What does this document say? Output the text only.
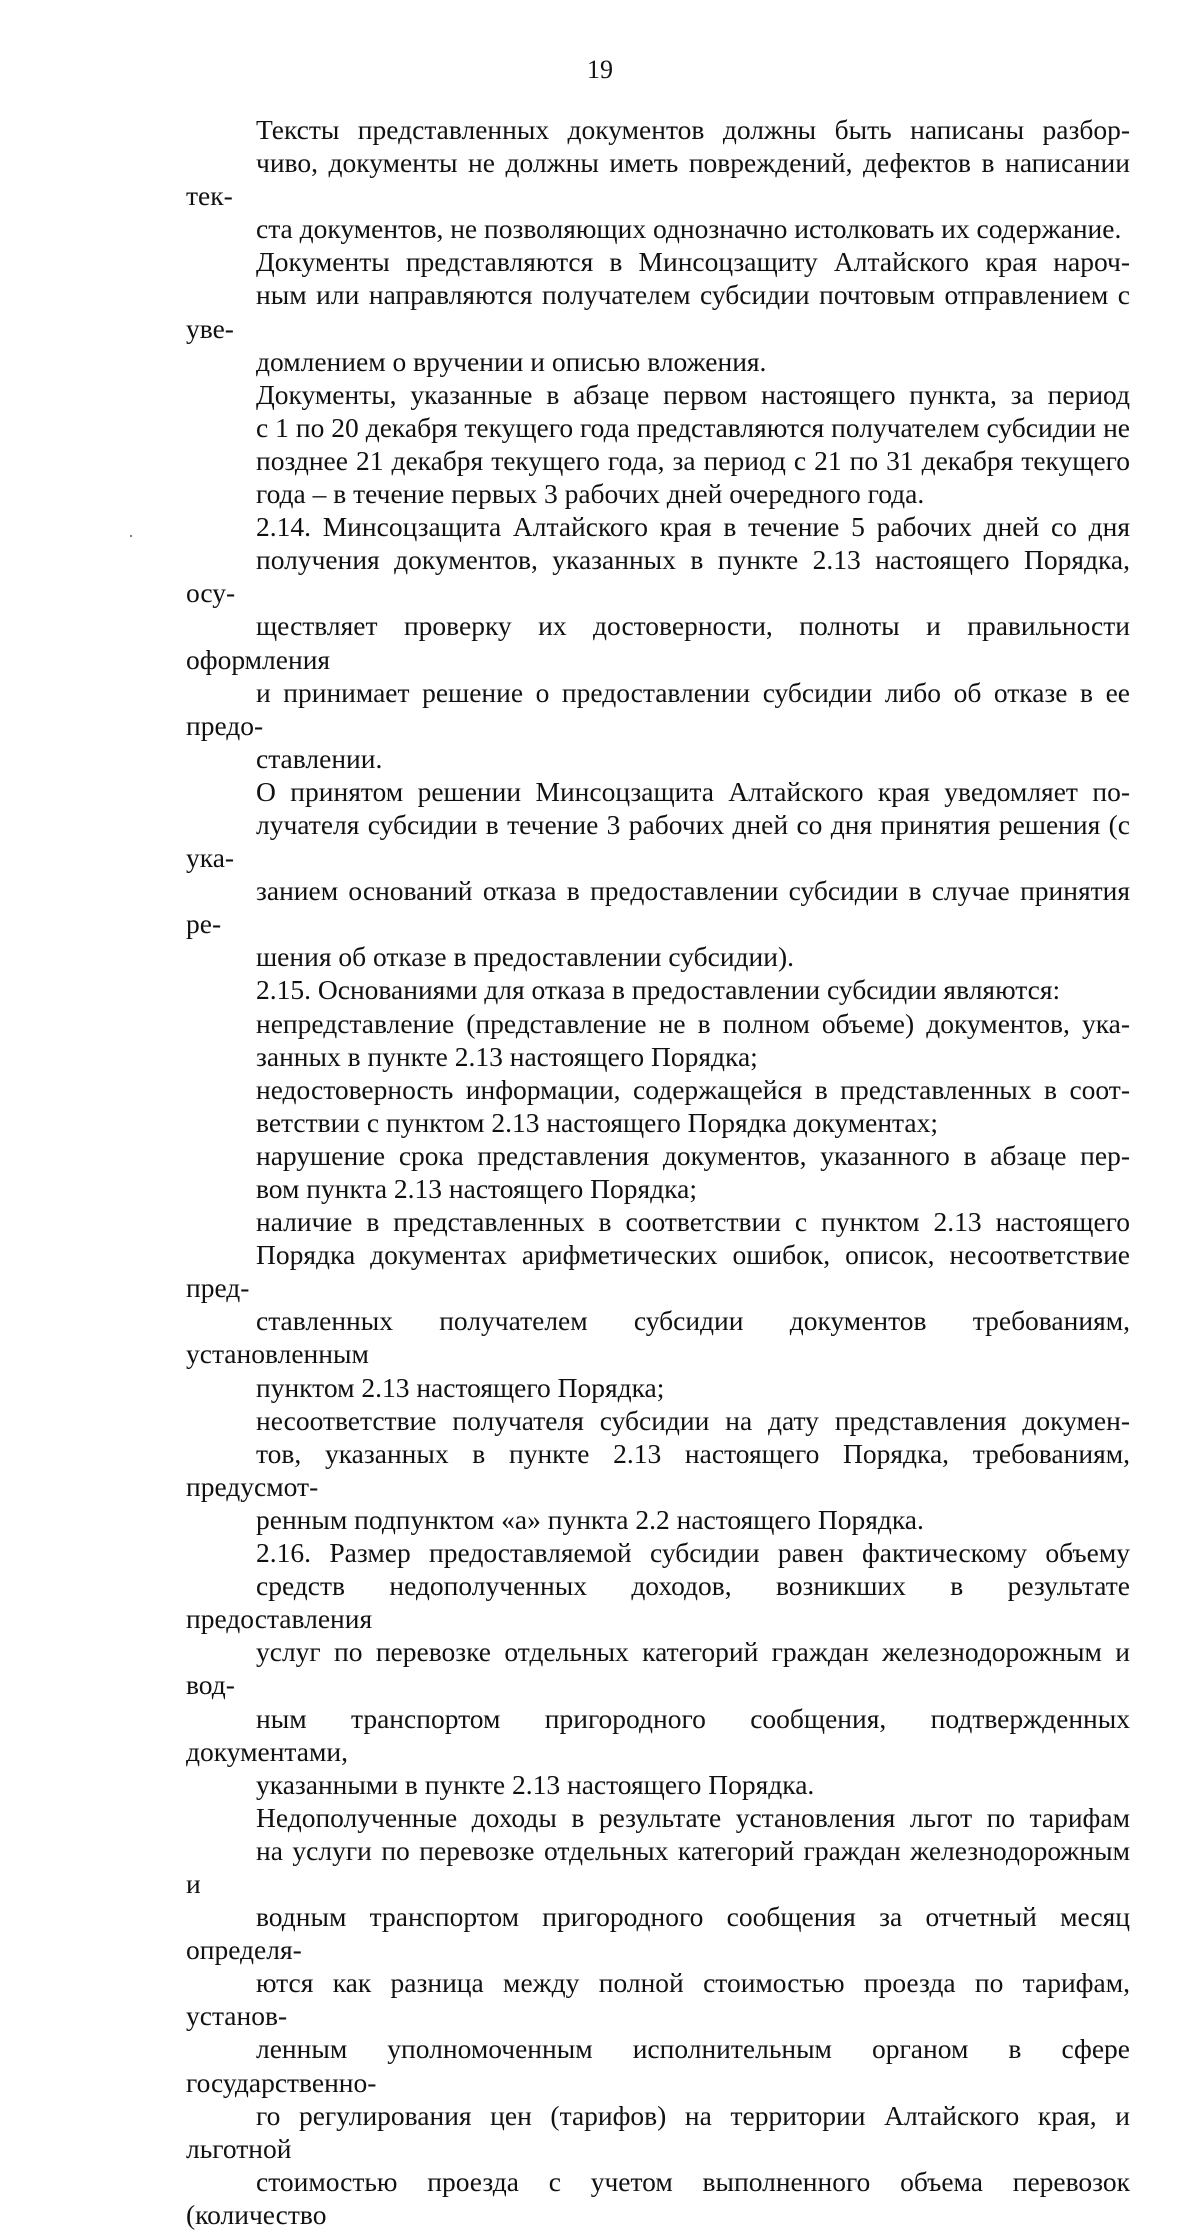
19

Тексты представленных документов должны быть написаны разбор-
чиво, документы не должны иметь повреждений, дефектов в написании тек-
ста документов, не позволяющих однозначно истолковать их содержание.

Документы представляются в Минсоцзащиту Алтайского края нароч-
ным или направляются получателем субсидии почтовым отправлением с уве-
домлением о вручении и описью вложения.

Документы, указанные в абзаце первом настоящего пункта, за период
с 1 по 20 декабря текущего года представляются получателем субсидии не
позднее 21 декабря текущего года, за период с 21 по 31 декабря текущего
года – в течение первых 3 рабочих дней очередного года.

2.14. Минсоцзащита Алтайского края в течение 5 рабочих дней со дня
получения документов, указанных в пункте 2.13 настоящего Порядка, осу-
ществляет проверку их достоверности, полноты и правильности оформления
и принимает решение о предоставлении субсидии либо об отказе в ее предо-
ставлении.

О принятом решении Минсоцзащита Алтайского края уведомляет по-
лучателя субсидии в течение 3 рабочих дней со дня принятия решения (с ука-
занием оснований отказа в предоставлении субсидии в случае принятия ре-
шения об отказе в предоставлении субсидии).

2.15. Основаниями для отказа в предоставлении субсидии являются:

непредставление (представление не в полном объеме) документов, ука-
занных в пункте 2.13 настоящего Порядка;

недостоверность информации, содержащейся в представленных в соот-
ветствии с пунктом 2.13 настоящего Порядка документах;

нарушение срока представления документов, указанного в абзаце пер-
вом пункта 2.13 настоящего Порядка;

наличие в представленных в соответствии с пунктом 2.13 настоящего
Порядка документах арифметических ошибок, описок, несоответствие пред-
ставленных получателем субсидии документов требованиям, установленным
пунктом 2.13 настоящего Порядка;

несоответствие получателя субсидии на дату представления докумен-
тов, указанных в пункте 2.13 настоящего Порядка, требованиям, предусмот-
ренным подпунктом «а» пункта 2.2 настоящего Порядка.

2.16. Размер предоставляемой субсидии равен фактическому объему
средств недополученных доходов, возникших в результате предоставления
услуг по перевозке отдельных категорий граждан железнодорожным и вод-
ным транспортом пригородного сообщения, подтвержденных документами,
указанными в пункте 2.13 настоящего Порядка.

Недополученные доходы в результате установления льгот по тарифам
на услуги по перевозке отдельных категорий граждан железнодорожным и
водным транспортом пригородного сообщения за отчетный месяц определя-
ются как разница между полной стоимостью проезда по тарифам, установ-
ленным уполномоченным исполнительным органом в сфере государственно-
го регулирования цен (тарифов) на территории Алтайского края, и льготной
стоимостью проезда с учетом выполненного объема перевозок (количество
